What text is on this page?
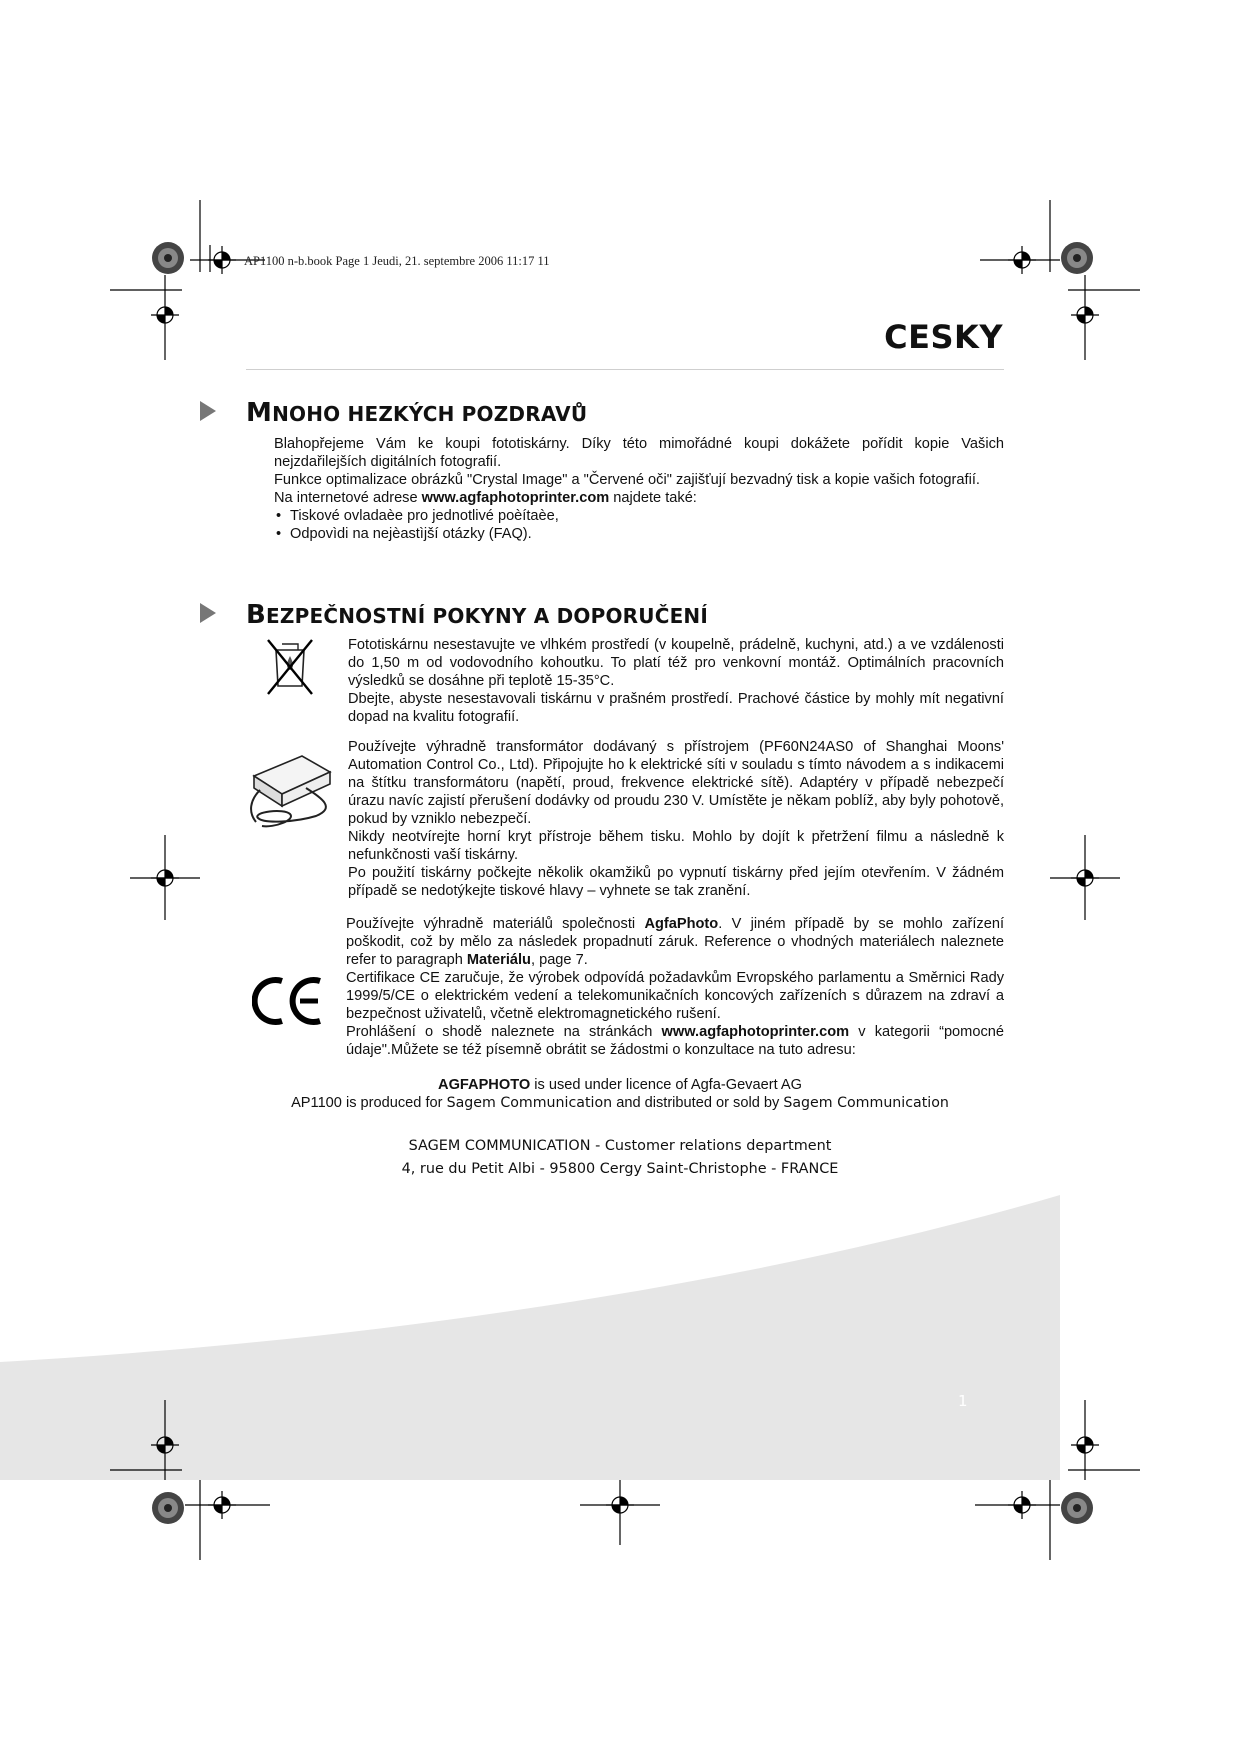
AP1100 n-b.book Page 1 Jeudi, 21. septembre 2006 11:17 11
CESKY
MNOHO HEZKÝCH POZDRAVŮ

Blahopřejeme Vám ke koupi fototiskárny. Díky této mimořádné koupi dokážete pořídit kopie Vašich nejzdařilejších digitálních fotografií.

Funkce optimalizace obrázků "Crystal Image" a "Červené oči" zajišťují bezvadný tisk a kopie vašich fotografií.

Na internetové adrese www.agfaphotoprinter.com najdete také:

• Tiskové ovladaèe pro jednotlivé poèítaèe,
• Odpovìdi na nejèastìjší otázky (FAQ).
BEZPEČNOSTNÍ POKYNY A DOPORUČENÍ

Fototiskárnu nesestavujte ve vlhkém prostředí (v koupelně, prádelně, kuchyni, atd.) a ve vzdálenosti do 1,50 m od vodovodního kohoutku. To platí též pro venkovní montáž. Optimálních pracovních výsledků se dosáhne při teplotě 15-35°C.

Dbejte, abyste nesestavovali tiskárnu v prašném prostředí. Prachové částice by mohly mít negativní dopad na kvalitu fotografií.

Používejte výhradně transformátor dodávaný s přístrojem (PF60N24AS0 of Shanghai Moons' Automation Control Co., Ltd). Připojujte ho k elektrické síti v souladu s tímto návodem a s indikacemi na štítku transformátoru (napětí, proud, frekvence elektrické sítě). Adaptéry v případě nebezpečí úrazu navíc zajistí přerušení dodávky od proudu 230 V. Umístěte je někam poblíž, aby byly pohotově, pokud by vzniklo nebezpečí.

Nikdy neotvírejte horní kryt přístroje během tisku. Mohlo by dojít k přetržení filmu a následně k nefunkčnosti vaší tiskárny.

Po použití tiskárny počkejte několik okamžiků po vypnutí tiskárny před jejím otevřením. V žádném případě se nedotýkejte tiskové hlavy – vyhnete se tak zranění.

Používejte výhradně materiálů společnosti AgfaPhoto. V jiném případě by se mohlo zařízení poškodit, což by mělo za následek propadnutí záruk. Reference o vhodných materiálech naleznete refer to paragraph Materiálu, page 7.

Certifikace CE zaručuje, že výrobek odpovídá požadavkům Evropského parlamentu a Směrnici Rady 1999/5/CE o elektrickém vedení a telekomunikačních koncových zařízeních s důrazem na zdraví a bezpečnost uživatelů, včetně elektromagnetického rušení.

Prohlášení o shodě naleznete na stránkách www.agfaphotoprinter.com v kategorii “pomocné údaje".Můžete se též písemně obrátit se žádostmi o konzultace na tuto adresu:

AGFAPHOTO is used under licence of Agfa-Gevaert AG
AP1100 is produced for Sagem Communication and distributed or sold by Sagem Communication
SAGEM COMMUNICATION - Customer relations department
4, rue du Petit Albi - 95800 Cergy Saint-Christophe - FRANCE
1
